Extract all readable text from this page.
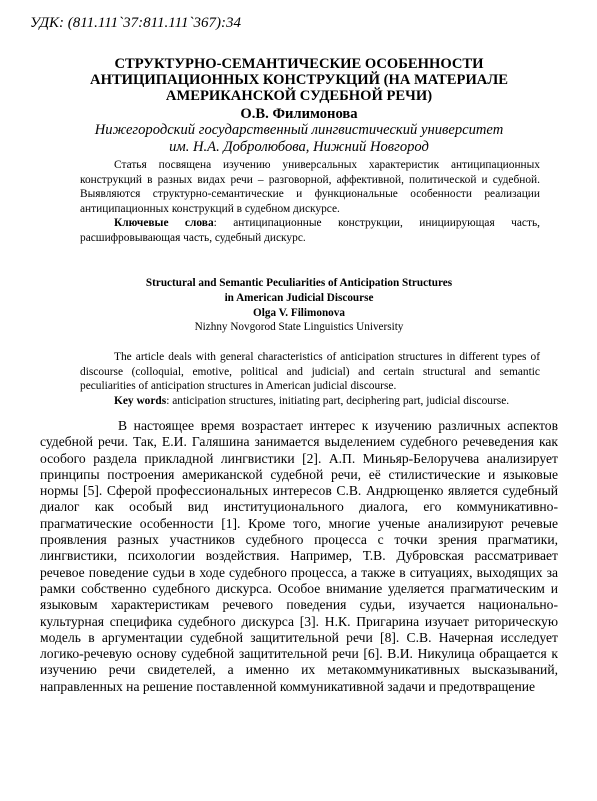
УДК: (811.111`37:811.111`367):34
СТРУКТУРНО-СЕМАНТИЧЕСКИЕ ОСОБЕННОСТИ АНТИЦИПАЦИОННЫХ КОНСТРУКЦИЙ (НА МАТЕРИАЛЕ АМЕРИКАНСКОЙ СУДЕБНОЙ РЕЧИ)
О.В. Филимонова
Нижегородский государственный лингвистический университет
им. Н.А. Добролюбова, Нижний Новгород

Статья посвящена изучению универсальных характеристик антиципационных конструкций в разных видах речи – разговорной, аффективной, политической и судебной. Выявляются структурно-семантические и функциональные особенности реализации антиципационных конструкций в судебном дискурсе.

Ключевые слова: антиципационные конструкции, инициирующая часть, расшифровывающая часть, судебный дискурс.

Structural and Semantic Peculiarities of Anticipation Structures
in American Judicial Discourse
Olga V. Filimonova
Nizhny Novgorod State Linguistics University

The article deals with general characteristics of anticipation structures in different types of discourse (colloquial, emotive, political and judicial) and certain structural and semantic peculiarities of anticipation structures in American judicial discourse.

Key words: anticipation structures, initiating part, deciphering part, judicial discourse.

В настоящее время возрастает интерес к изучению различных аспектов судебной речи. Так, Е.И. Галяшина занимается выделением судебного речеведения как особого раздела прикладной лингвистики [2]. А.П. Миньяр-Белоручева анализирует принципы построения американской судебной речи, её стилистические и языковые нормы [5]. Сферой профессиональных интересов С.В. Андрющенко является судебный диалог как особый вид институционального диалога, его коммуникативно-прагматические особенности [1]. Кроме того, многие ученые анализируют речевые проявления разных участников судебного процесса с точки зрения прагматики, лингвистики, психологии воздействия. Например, Т.В. Дубровская рассматривает речевое поведение судьи в ходе судебного процесса, а также в ситуациях, выходящих за рамки собственно судебного дискурса. Особое внимание уделяется прагматическим и языковым характеристикам речевого поведения судьи, изучается национально-культурная специфика судебного дискурса [3]. Н.К. Пригарина изучает риторическую модель в аргументации судебной защитительной речи [8]. С.В. Начерная исследует логико-речевую основу судебной защитительной речи [6]. В.И. Никулица обращается к изучению речи свидетелей, а именно их метакоммуникативных высказываний, направленных на решение поставленной коммуникативной задачи и предотвращение
